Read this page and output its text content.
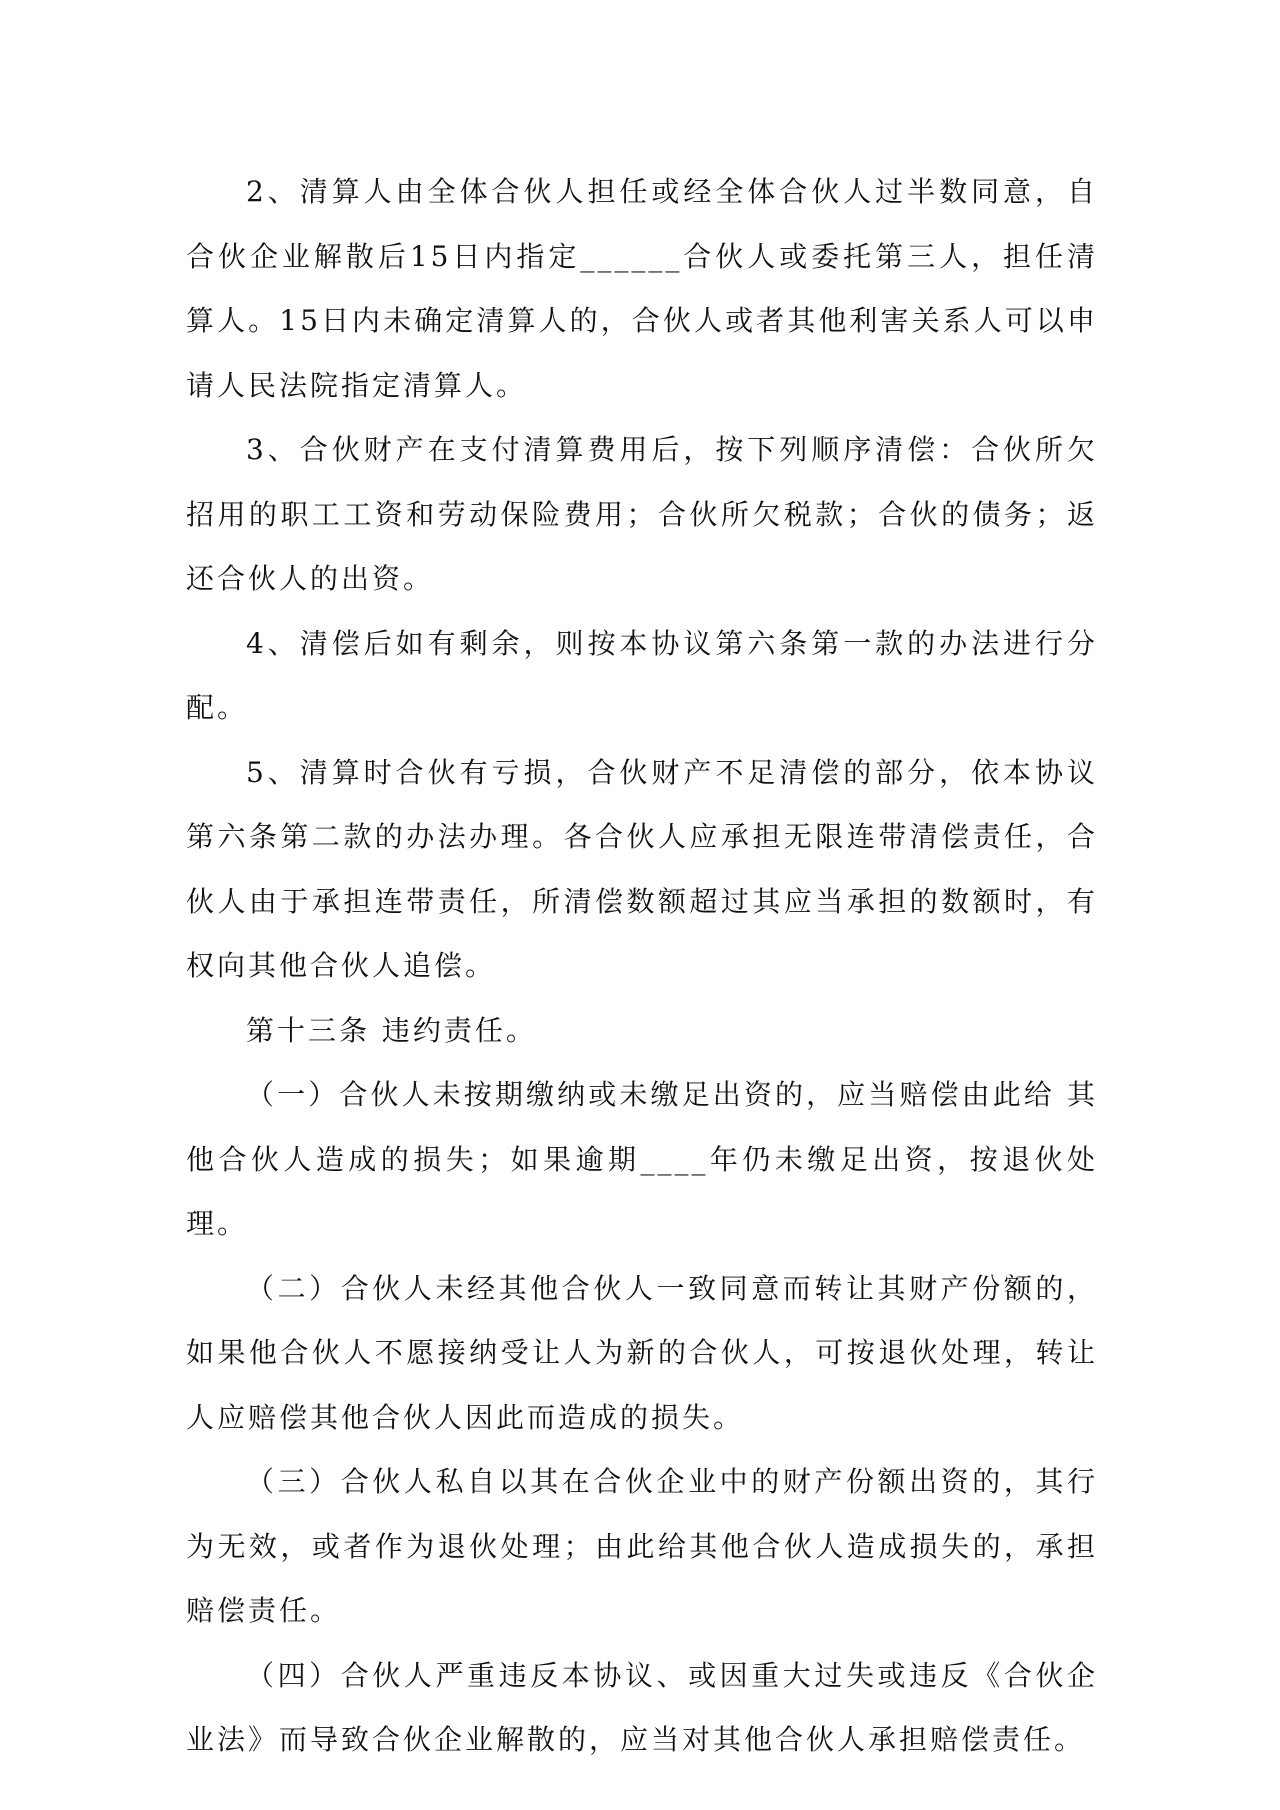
2、清算人由全体合伙人担任或经全体合伙人过半数同意，自合伙企业解散后15日内指定______合伙人或委托第三人，担任清算人。15日内未确定清算人的，合伙人或者其他利害关系人可以申请人民法院指定清算人。

3、合伙财产在支付清算费用后，按下列顺序清偿：合伙所欠招用的职工工资和劳动保险费用；合伙所欠税款；合伙的债务；返还合伙人的出资。

4、清偿后如有剩余，则按本协议第六条第一款的办法进行分配。

5、清算时合伙有亏损，合伙财产不足清偿的部分，依本协议第六条第二款的办法办理。各合伙人应承担无限连带清偿责任，合伙人由于承担连带责任，所清偿数额超过其应当承担的数额时，有权向其他合伙人追偿。

第十三条 违约责任。

（一）合伙人未按期缴纳或未缴足出资的，应当赔偿由此给 其他合伙人造成的损失；如果逾期____年仍未缴足出资，按退伙处理。

（二）合伙人未经其他合伙人一致同意而转让其财产份额的，如果他合伙人不愿接纳受让人为新的合伙人，可按退伙处理，转让人应赔偿其他合伙人因此而造成的损失。

（三）合伙人私自以其在合伙企业中的财产份额出资的，其行为无效，或者作为退伙处理；由此给其他合伙人造成损失的，承担赔偿责任。

（四）合伙人严重违反本协议、或因重大过失或违反《合伙企业法》而导致合伙企业解散的，应当对其他合伙人承担赔偿责任。
